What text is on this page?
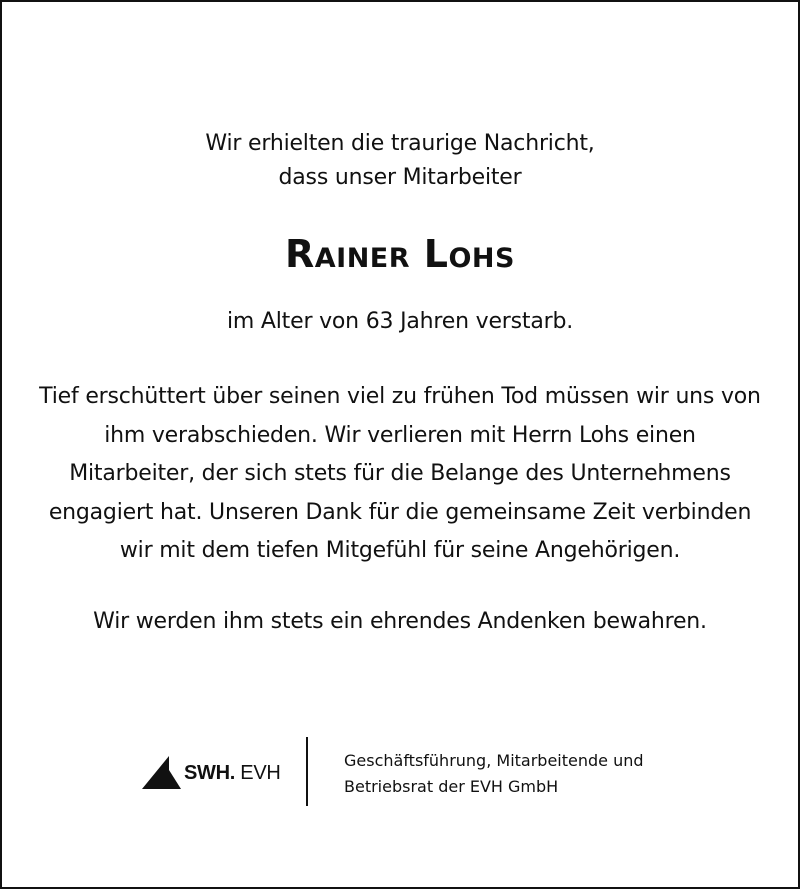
Wir erhielten die traurige Nachricht,
dass unser Mitarbeiter
Rainer Lohs
im Alter von 63 Jahren verstarb.
Tief erschüttert über seinen viel zu frühen Tod müssen wir uns von
ihm verabschieden. Wir verlieren mit Herrn Lohs einen
Mitarbeiter, der sich stets für die Belange des Unternehmens
engagiert hat. Unseren Dank für die gemeinsame Zeit verbinden
wir mit dem tiefen Mitgefühl für seine Angehörigen.
Wir werden ihm stets ein ehrendes Andenken bewahren.
SWH. EVH
Geschäftsführung, Mitarbeitende und
Betriebsrat der EVH GmbH
